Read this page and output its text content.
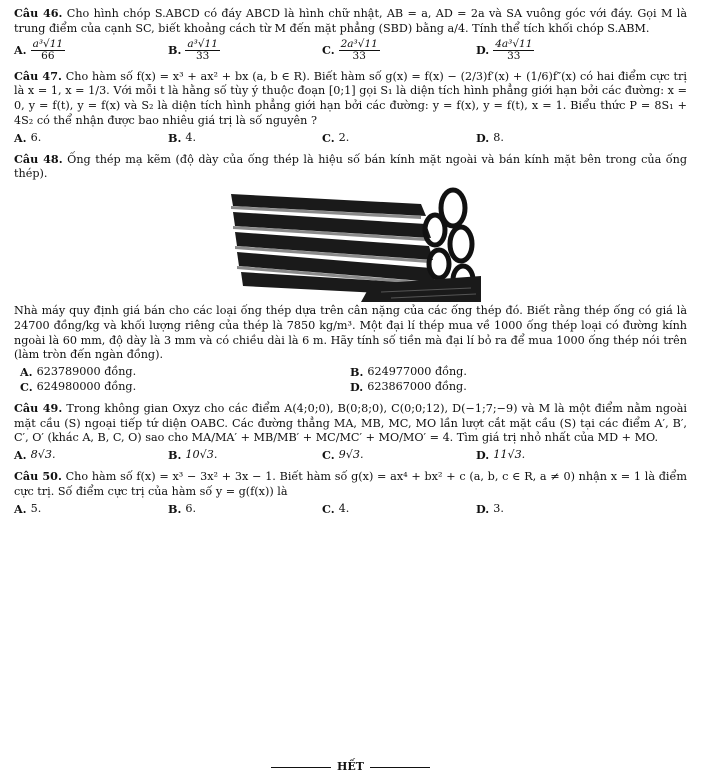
Câu 46. Cho hình chóp S.ABCD có đáy ABCD là hình chữ nhật, AB = a, AD = 2a và SA vuông góc với đáy. Gọi M là trung điểm của cạnh SC, biết khoảng cách từ M đến mặt phẳng (SBD) bằng a/4. Tính thể tích khối chóp S.ABM.
A. $\frac{\text{a³√11}}{66}$	B. $\frac{\text{a³√11}}{33}$	C. $\frac{\text{2a³√11}}{33}$	D. $\frac{\text{4a³√11}}{33}$
Câu 47. Cho hàm số f(x) = x³ + ax² + bx (a, b ∈ R). Biết hàm số g(x) = f(x) − (2/3)f′(x) + (1/6)f″(x) có hai điểm cực trị là x = 1, x = 1/3. Với mỗi t là hằng số tùy ý thuộc đoạn [0;1] gọi S₁ là diện tích hình phẳng giới hạn bởi các đường: x = 0, y = f(t), y = f(x) và S₂ là diện tích hình phẳng giới hạn bởi các đường: y = f(x), y = f(t), x = 1. Biểu thức P = 8S₁ + 4S₂ có thể nhận được bao nhiêu giá trị là số nguyên ?
A. 6.	B. 4.	C. 2.	D. 8.
Câu 48. Ống thép mạ kẽm (độ dày của ống thép là hiệu số bán kính mặt ngoài và bán kính mặt bên trong của ống thép).
Nhà máy quy định giá bán cho các loại ống thép dựa trên cân nặng của các ống thép đó. Biết rằng thép ống có giá là 24700 đồng/kg và khối lượng riêng của thép là 7850 kg/m³. Một đại lí thép mua về 1000 ống thép loại có đường kính ngoài là 60 mm, độ dày là 3 mm và có chiều dài là 6 m. Hãy tính số tiền mà đại lí bỏ ra để mua 1000 ống thép nói trên (làm tròn đến ngàn đồng).
A. 623789000 đồng.	B. 624977000 đồng.
C. 624980000 đồng.	D. 623867000 đồng.
Câu 49. Trong không gian Oxyz cho các điểm A(4;0;0), B(0;8;0), C(0;0;12), D(−1;7;−9) và M là một điểm nằm ngoài mặt cầu (S) ngoại tiếp tứ diện OABC. Các đường thẳng MA, MB, MC, MO lần lượt cắt mặt cầu (S) tại các điểm A′, B′, C′, O′ (khác A, B, C, O) sao cho MA/MA′ + MB/MB′ + MC/MC′ + MO/MO′ = 4. Tìm giá trị nhỏ nhất của MD + MO.
A. 8√3.	B. 10√3.	C. 9√3.	D. 11√3.
Câu 50. Cho hàm số f(x) = x³ − 3x² + 3x − 1. Biết hàm số g(x) = ax⁴ + bx² + c (a, b, c ∈ R, a ≠ 0) nhận x = 1 là điểm cực trị. Số điểm cực trị của hàm số y = g(f(x)) là
A. 5.	B. 6.	C. 4.	D. 3.
HẾT
